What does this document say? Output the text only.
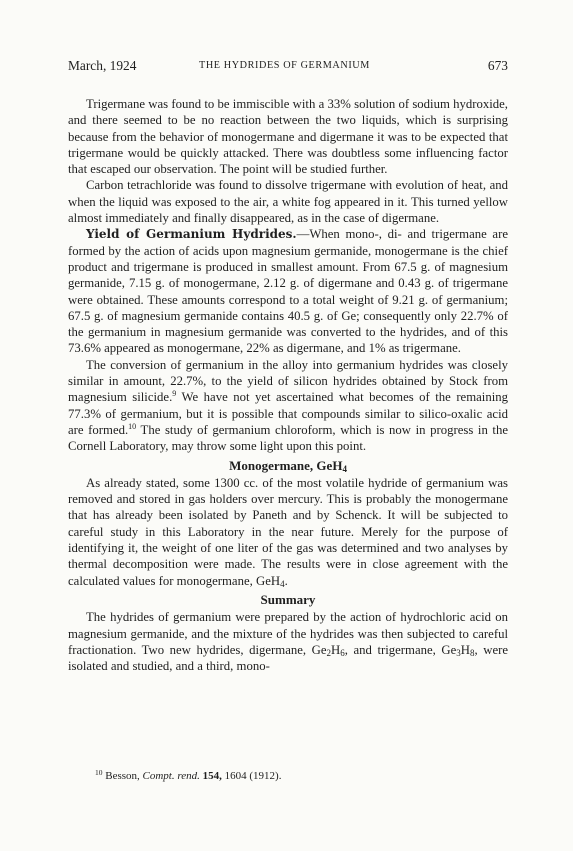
March, 1924	THE HYDRIDES OF GERMANIUM	673

Trigermane was found to be immiscible with a 33% solution of sodium hydroxide, and there seemed to be no reaction between the two liquids, which is surprising because from the behavior of monogermane and digermane it was to be expected that trigermane would be quickly attacked. There was doubtless some influencing factor that escaped our observation. The point will be studied further.

Carbon tetrachloride was found to dissolve trigermane with evolution of heat, and when the liquid was exposed to the air, a white fog appeared in it. This turned yellow almost immediately and finally disappeared, as in the case of digermane.

Yield of Germanium Hydrides.—When mono-, di- and trigermane are formed by the action of acids upon magnesium germanide, monogermane is the chief product and trigermane is produced in smallest amount. From 67.5 g. of magnesium germanide, 7.15 g. of monogermane, 2.12 g. of digermane and 0.43 g. of trigermane were obtained. These amounts correspond to a total weight of 9.21 g. of germanium; 67.5 g. of magnesium germanide contains 40.5 g. of Ge; consequently only 22.7% of the germanium in magnesium germanide was converted to the hydrides, and of this 73.6% appeared as monogermane, 22% as digermane, and 1% as trigermane.

The conversion of germanium in the alloy into germanium hydrides was closely similar in amount, 22.7%, to the yield of silicon hydrides obtained by Stock from magnesium silicide.$^9$ We have not yet ascertained what becomes of the remaining 77.3% of germanium, but it is possible that compounds similar to silico-oxalic acid are formed.$^{10}$ The study of germanium chloroform, which is now in progress in the Cornell Laboratory, may throw some light upon this point.

Monogermane, GeH$_4$

As already stated, some 1300 cc. of the most volatile hydride of germanium was removed and stored in gas holders over mercury. This is probably the monogermane that has already been isolated by Paneth and by Schenck. It will be subjected to careful study in this Laboratory in the near future. Merely for the purpose of identifying it, the weight of one liter of the gas was determined and two analyses by thermal decomposition were made. The results were in close agreement with the calculated values for monogermane, GeH$_4$.

Summary

The hydrides of germanium were prepared by the action of hydrochloric acid on magnesium germanide, and the mixture of the hydrides was then subjected to careful fractionation. Two new hydrides, digermane, $Ge_2H_6$, and trigermane, $Ge_3H_8$, were isolated and studied, and a third, mono-

$^{10}$ Besson, Compt. rend. 154, 1604 (1912).
